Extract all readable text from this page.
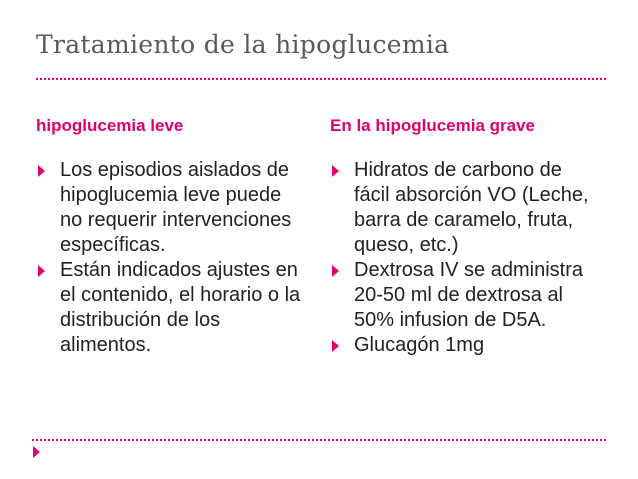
Tratamiento de la hipoglucemia
hipoglucemia leve	En la hipoglucemia grave
Los episodios aislados de hipoglucemia leve puede no requerir intervenciones específicas.
Están indicados ajustes en el contenido, el horario o la distribución de los alimentos.
Hidratos de carbono de fácil absorción VO (Leche, barra de caramelo, fruta, queso, etc.)
Dextrosa IV se administra 20-50 ml de dextrosa al 50% infusion de D5A.
Glucagón 1mg
